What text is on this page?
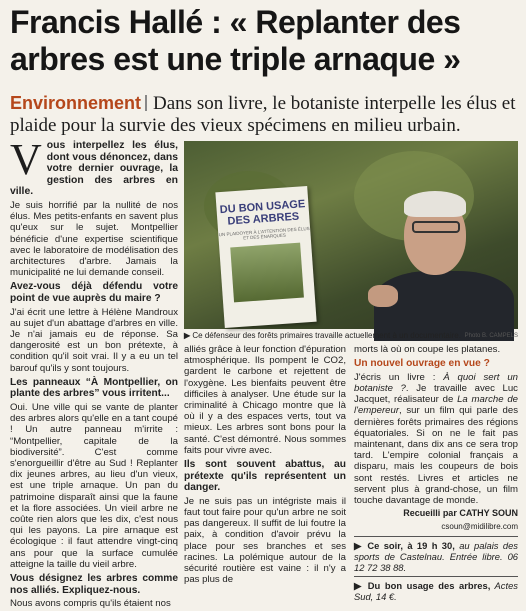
Francis Hallé : « Replanter des arbres est une triple arnaque »
Environnement Dans son livre, le botaniste interpelle les élus et plaide pour la survie des vieux spécimens en milieu urbain.

Vous interpellez les élus, dont vous dénoncez, dans votre dernier ouvrage, la gestion des arbres en ville.

Je suis horrifié par la nullité de nos élus. Mes petits-enfants en savent plus qu'eux sur le sujet. Montpellier bénéficie d'une expertise scientifique avec le laboratoire de modélisation des architectures d'arbre. Jamais la municipalité ne lui demande conseil.

Avez-vous déjà défendu votre point de vue auprès du maire ?

J'ai écrit une lettre à Hélène Mandroux au sujet d'un abattage d'arbres en ville. Je n'ai jamais eu de réponse. Sa dangerosité est un bon prétexte, à condition qu'il soit vrai. Il y a eu un tel barouf qu'ils y sont toujours.

Les panneaux “À Montpellier, on plante des arbres” vous irritent...

Oui. Une ville qui se vante de planter des arbres alors qu'elle en a tant coupé ! Un autre panneau m'irrite : “Montpellier, capitale de la biodiversité”. C'est comme s'enorgueillir d'être au Sud ! Replanter dix jeunes arbres, au lieu d'un vieux, est une triple arnaque. Un pan du patrimoine disparaît ainsi que la faune et la flore associées. Un vieil arbre ne coûte rien alors que les dix, c'est nous qui les payons. La pire arnaque est écologique : il faut attendre vingt-cinq ans pour que la surface cumulée atteigne la taille du vieil arbre.

Vous désignez les arbres comme nos alliés. Expliquez-nous.

Nous avons compris qu'ils étaient nos

DU BON USAGE DES ARBRES
UN PLAIDOYER À L'ATTENTION DES ÉLUS ET DES ÉNARQUES
Photo B. CAMPELS
▶ Ce défenseur des forêts primaires travaille actuellement à un documentaire.

alliés grâce à leur fonction d'épuration atmosphérique. Ils pompent le CO2, gardent le carbone et rejettent de l'oxygène. Les bienfaits peuvent être difficiles à analyser. Une étude sur la criminalité à Chicago montre que là où il y a des espaces verts, tout va mieux. Les arbres sont bons pour la santé. C'est démontré. Nous sommes faits pour vivre avec.

Ils sont souvent abattus, au prétexte qu'ils représentent un danger.

Je ne suis pas un intégriste mais il faut tout faire pour qu'un arbre ne soit pas dangereux. Il suffit de lui foutre la paix, à condition d'avoir prévu la place pour ses branches et ses racines. La polémique autour de la sécurité routière est vaine : il n'y a pas plus de

morts là où on coupe les platanes.

Un nouvel ouvrage en vue ?

J'écris un livre : À quoi sert un botaniste ?. Je travaille avec Luc Jacquet, réalisateur de La marche de l'empereur, sur un film qui parle des dernières forêts primaires des régions équatoriales. Si on ne le fait pas maintenant, dans dix ans ce sera trop tard. L'empire colonial français a disparu, mais les coupeurs de bois sont restés. Livres et articles ne servent plus à grand-chose, un film touche davantage de monde.

Recueilli par CATHY SOUN

csoun@midilibre.com

▶ Ce soir, à 19 h 30, au palais des sports de Castelnau. Entrée libre. 06 12 72 38 88.

▶ Du bon usage des arbres, Actes Sud, 14 €.
